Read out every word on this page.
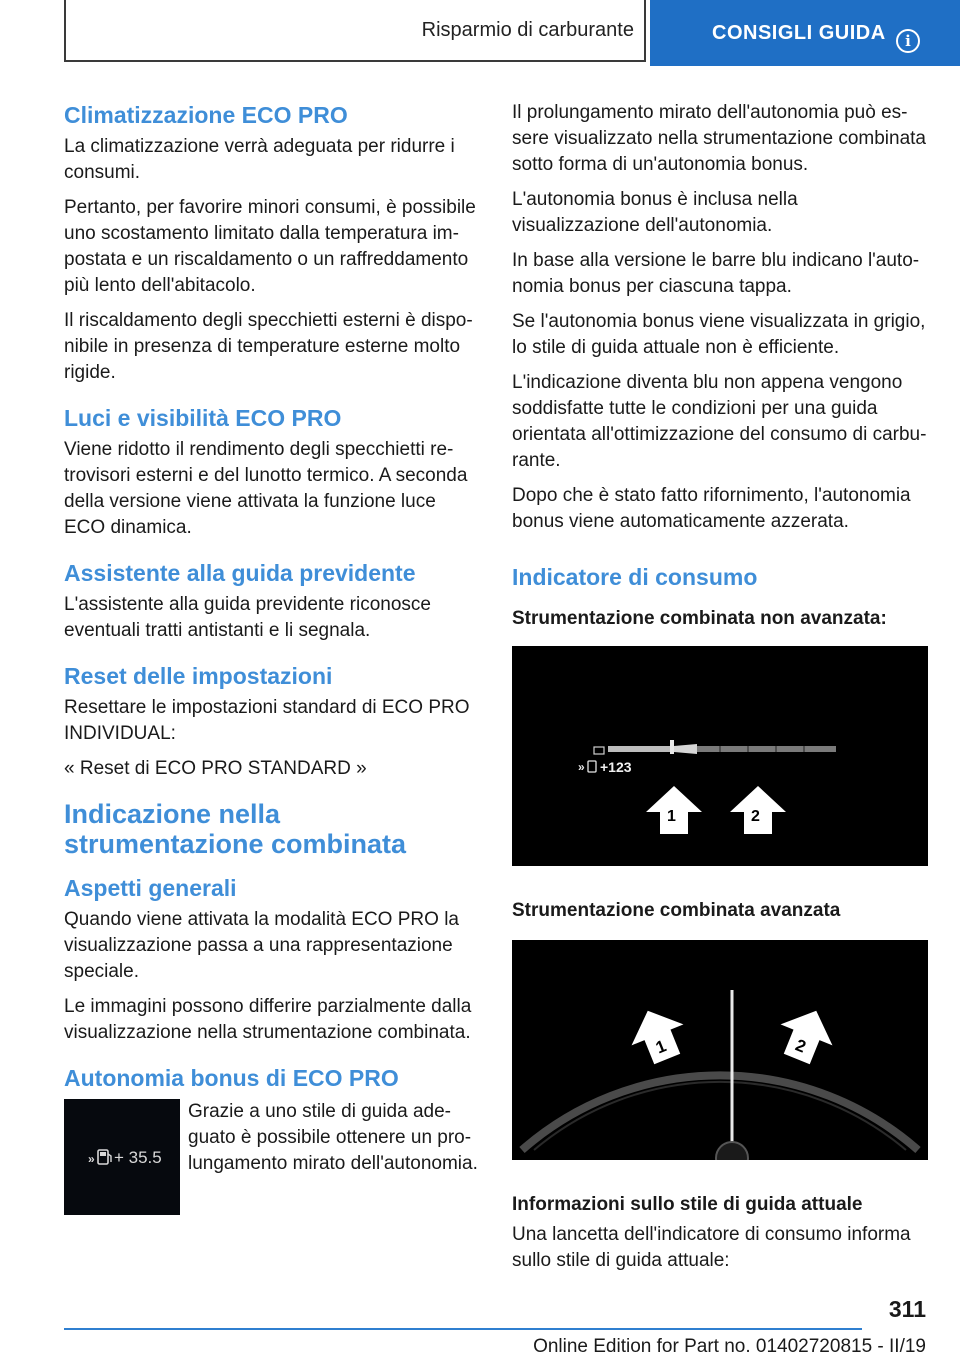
Risparmio di carburante	CONSIGLI GUIDA	i
Climatizzazione ECO PRO

La climatizzazione verrà adeguata per ridurre i consumi.

Pertanto, per favorire minori consumi, è possibile uno scostamento limitato dalla temperatura impostata e un riscaldamento o un raffreddamento più lento dell'abitacolo.

Il riscaldamento degli specchietti esterni è disponibile in presenza di temperature esterne molto rigide.

Luci e visibilità ECO PRO

Viene ridotto il rendimento degli specchietti retrovisori esterni e del lunotto termico. A seconda della versione viene attivata la funzione luce ECO dinamica.

Assistente alla guida previdente

L'assistente alla guida previdente riconosce eventuali tratti antistanti e li segnala.

Reset delle impostazioni

Resettare le impostazioni standard di ECO PRO INDIVIDUAL:

« Reset di ECO PRO STANDARD »

Indicazione nella strumentazione combinata
Aspetti generali

Quando viene attivata la modalità ECO PRO la visualizzazione passa a una rappresentazione speciale.

Le immagini possono differire parzialmente dalla visualizzazione nella strumentazione combinata.

Autonomia bonus di ECO PRO
» + 35.5

Grazie a uno stile di guida adeguato è possibile ottenere un prolungamento mirato dell'autonomia.

Il prolungamento mirato dell'autonomia può essere visualizzato nella strumentazione combinata sotto forma di un'autonomia bonus.

L'autonomia bonus è inclusa nella visualizzazione dell'autonomia.

In base alla versione le barre blu indicano l'autonomia bonus per ciascuna tappa.

Se l'autonomia bonus viene visualizzata in grigio, lo stile di guida attuale non è efficiente.

L'indicazione diventa blu non appena vengono soddisfatte tutte le condizioni per una guida orientata all'ottimizzazione del consumo di carburante.

Dopo che è stato fatto rifornimento, l'autonomia bonus viene automaticamente azzerata.

Indicatore di consumo

Strumentazione combinata non avanzata:

» +123
1	2

Strumentazione combinata avanzata

1	2

Informazioni sullo stile di guida attuale

Una lancetta dell'indicatore di consumo informa sullo stile di guida attuale:

311
Online Edition for Part no. 01402720815 - II/19
